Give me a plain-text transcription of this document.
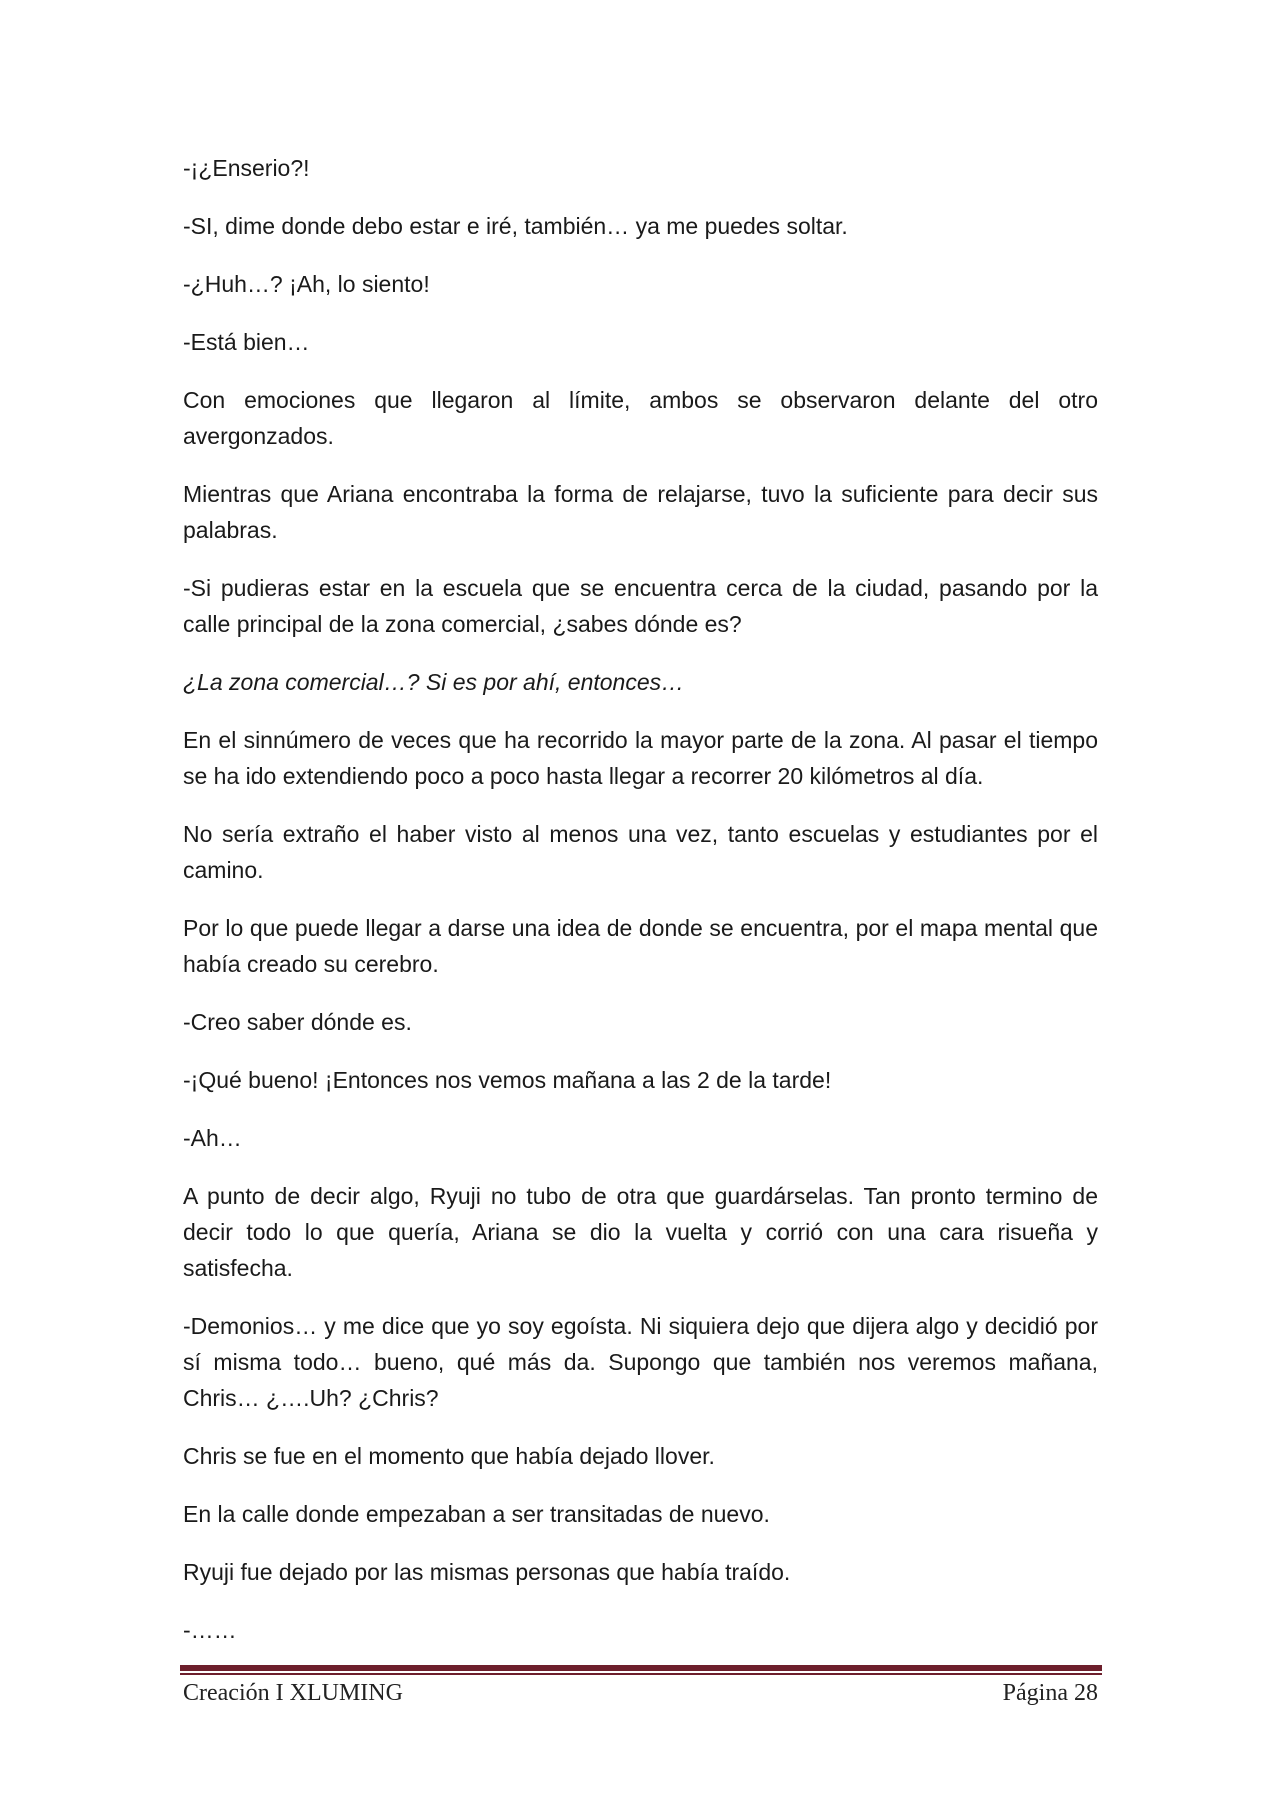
-¡¿Enserio?!

-SI, dime donde debo estar e iré, también… ya me puedes soltar.

-¿Huh…? ¡Ah, lo siento!

-Está bien…

Con emociones que llegaron al límite, ambos se observaron delante del otro avergonzados.

Mientras que Ariana encontraba la forma de relajarse, tuvo la suficiente para decir sus palabras.

-Si pudieras estar en la escuela que se encuentra cerca de la ciudad, pasando por la calle principal de la zona comercial, ¿sabes dónde es?

¿La zona comercial…? Si es por ahí, entonces…

En el sinnúmero de veces que ha recorrido la mayor parte de la zona. Al pasar el tiempo se ha ido extendiendo poco a poco hasta llegar a recorrer 20 kilómetros al día.

No sería extraño el haber visto al menos una vez, tanto escuelas y estudiantes por el camino.

Por lo que puede llegar a darse una idea de donde se encuentra, por el mapa mental que había creado su cerebro.

-Creo saber dónde es.

-¡Qué bueno! ¡Entonces nos vemos mañana a las 2 de la tarde!

-Ah…

A punto de decir algo, Ryuji no tubo de otra que guardárselas. Tan pronto termino de decir todo lo que quería, Ariana se dio la vuelta y corrió con una cara risueña y satisfecha.

-Demonios… y me dice que yo soy egoísta. Ni siquiera dejo que dijera algo y decidió por sí misma todo… bueno, qué más da. Supongo que también nos veremos mañana, Chris… ¿….Uh? ¿Chris?

Chris se fue en el momento que había dejado llover.

En la calle donde empezaban a ser transitadas de nuevo.

Ryuji fue dejado por las mismas personas que había traído.

-……

Creación I XLUMING	Página 28
